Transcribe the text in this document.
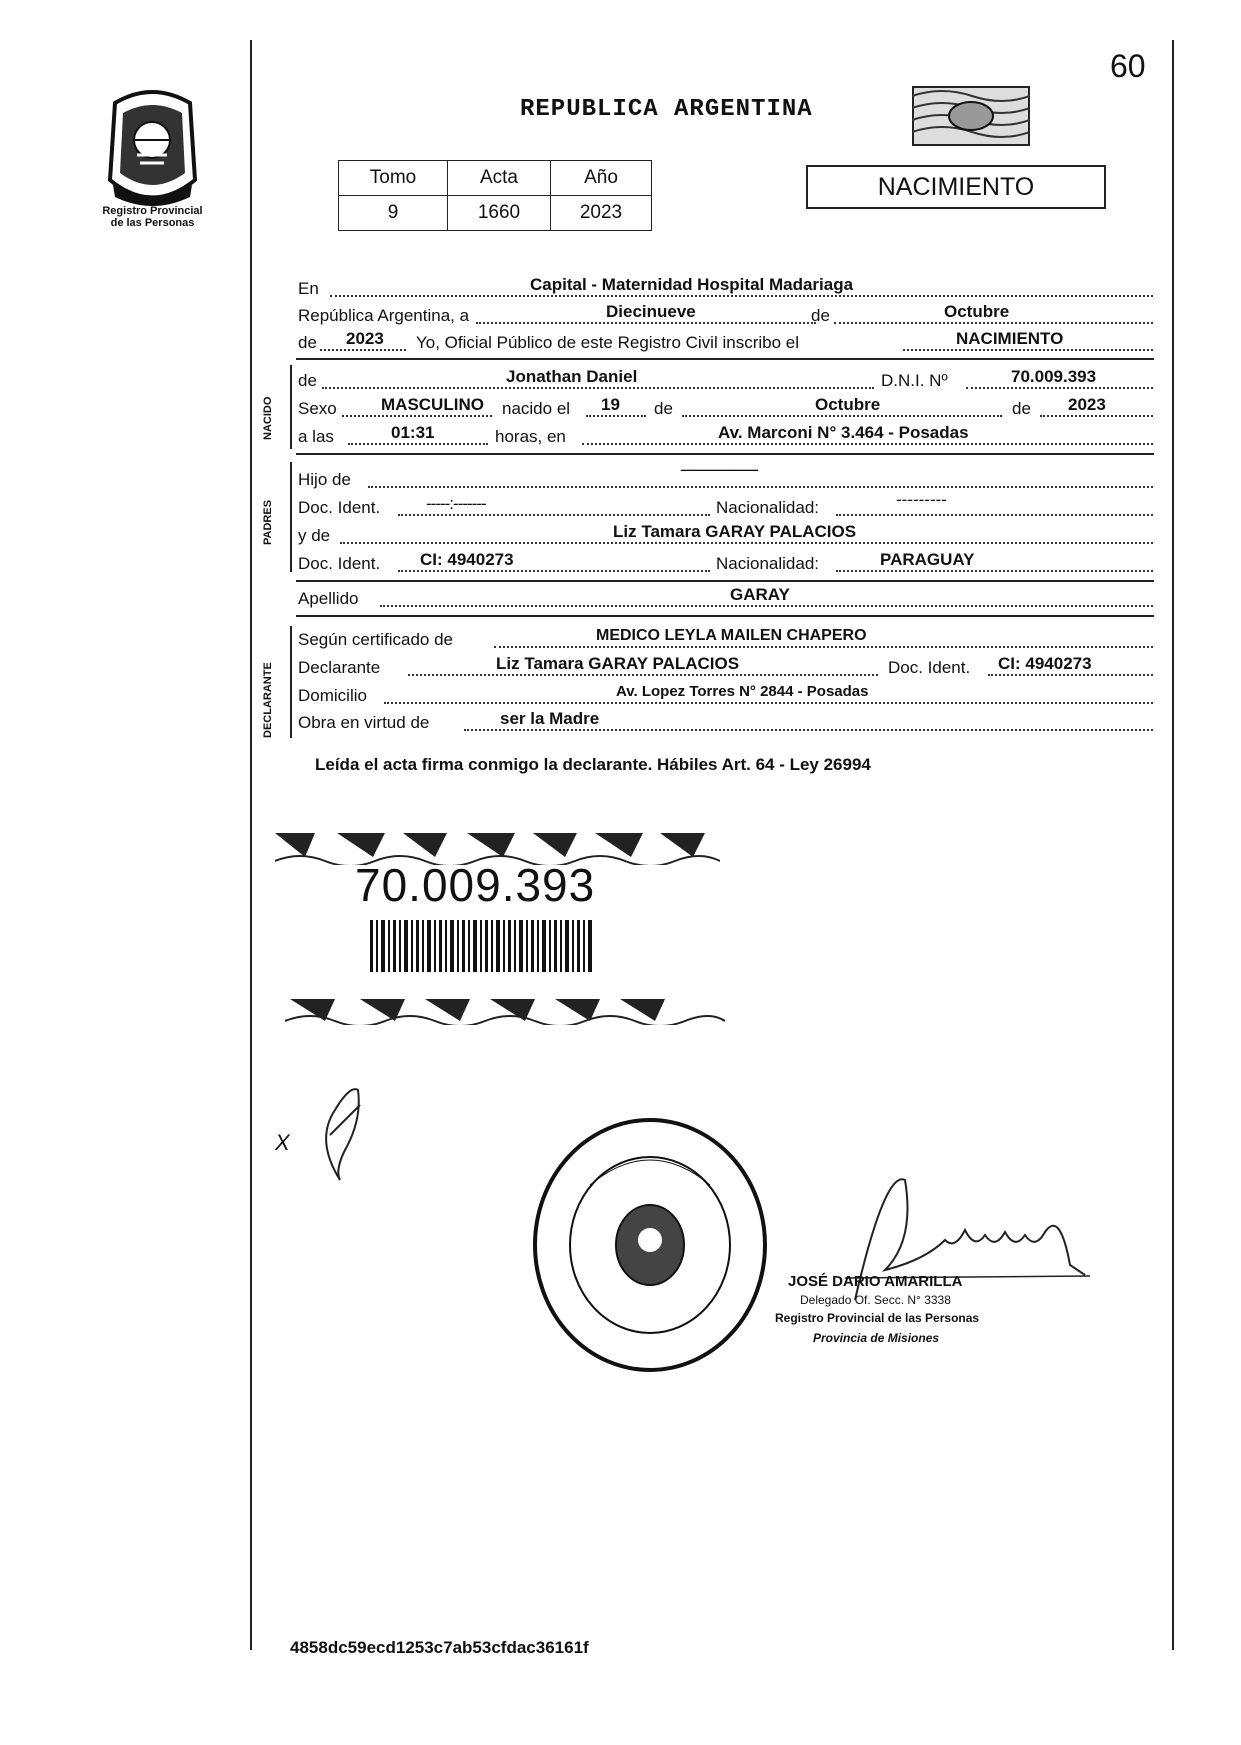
60
Registro Provincial
de las Personas
REPUBLICA ARGENTINA
Tomo	Acta	Año
9	1660	2023
NACIMIENTO
En	Capital - Maternidad Hospital Madariaga
República Argentina, a	Diecinueve	de	Octubre
de 2023 Yo, Oficial Público de este Registro Civil inscribo el	NACIMIENTO
NACIDO
de	Jonathan Daniel	D.N.I. Nº	70.009.393
Sexo	MASCULINO nacido el 19 de	Octubre	de 2023
a las	01:31	horas, en	Av. Marconi N° 3.464 - Posadas
PADRES
Hijo de
---------------------
Doc. Ident.	-----:-------	Nacionalidad:	---------
y de	Liz Tamara GARAY PALACIOS
Doc. Ident. CI: 4940273	Nacionalidad:	PARAGUAY
Apellido	GARAY
DECLARANTE
Según certificado de	MEDICO LEYLA MAILEN CHAPERO
Declarante	Liz Tamara GARAY PALACIOS	Doc. Ident. CI: 4940273
Domicilio	Av. Lopez Torres N° 2844 - Posadas
Obra en virtud de	ser la Madre
Leída el acta firma conmigo la declarante. Hábiles Art. 64 - Ley 26994
70.009.393
X
JOSÉ DARIO AMARILLA
Delegado Of. Secc. N° 3338
Registro Provincial de las Personas
Provincia de Misiones
4858dc59ecd1253c7ab53cfdac36161f
